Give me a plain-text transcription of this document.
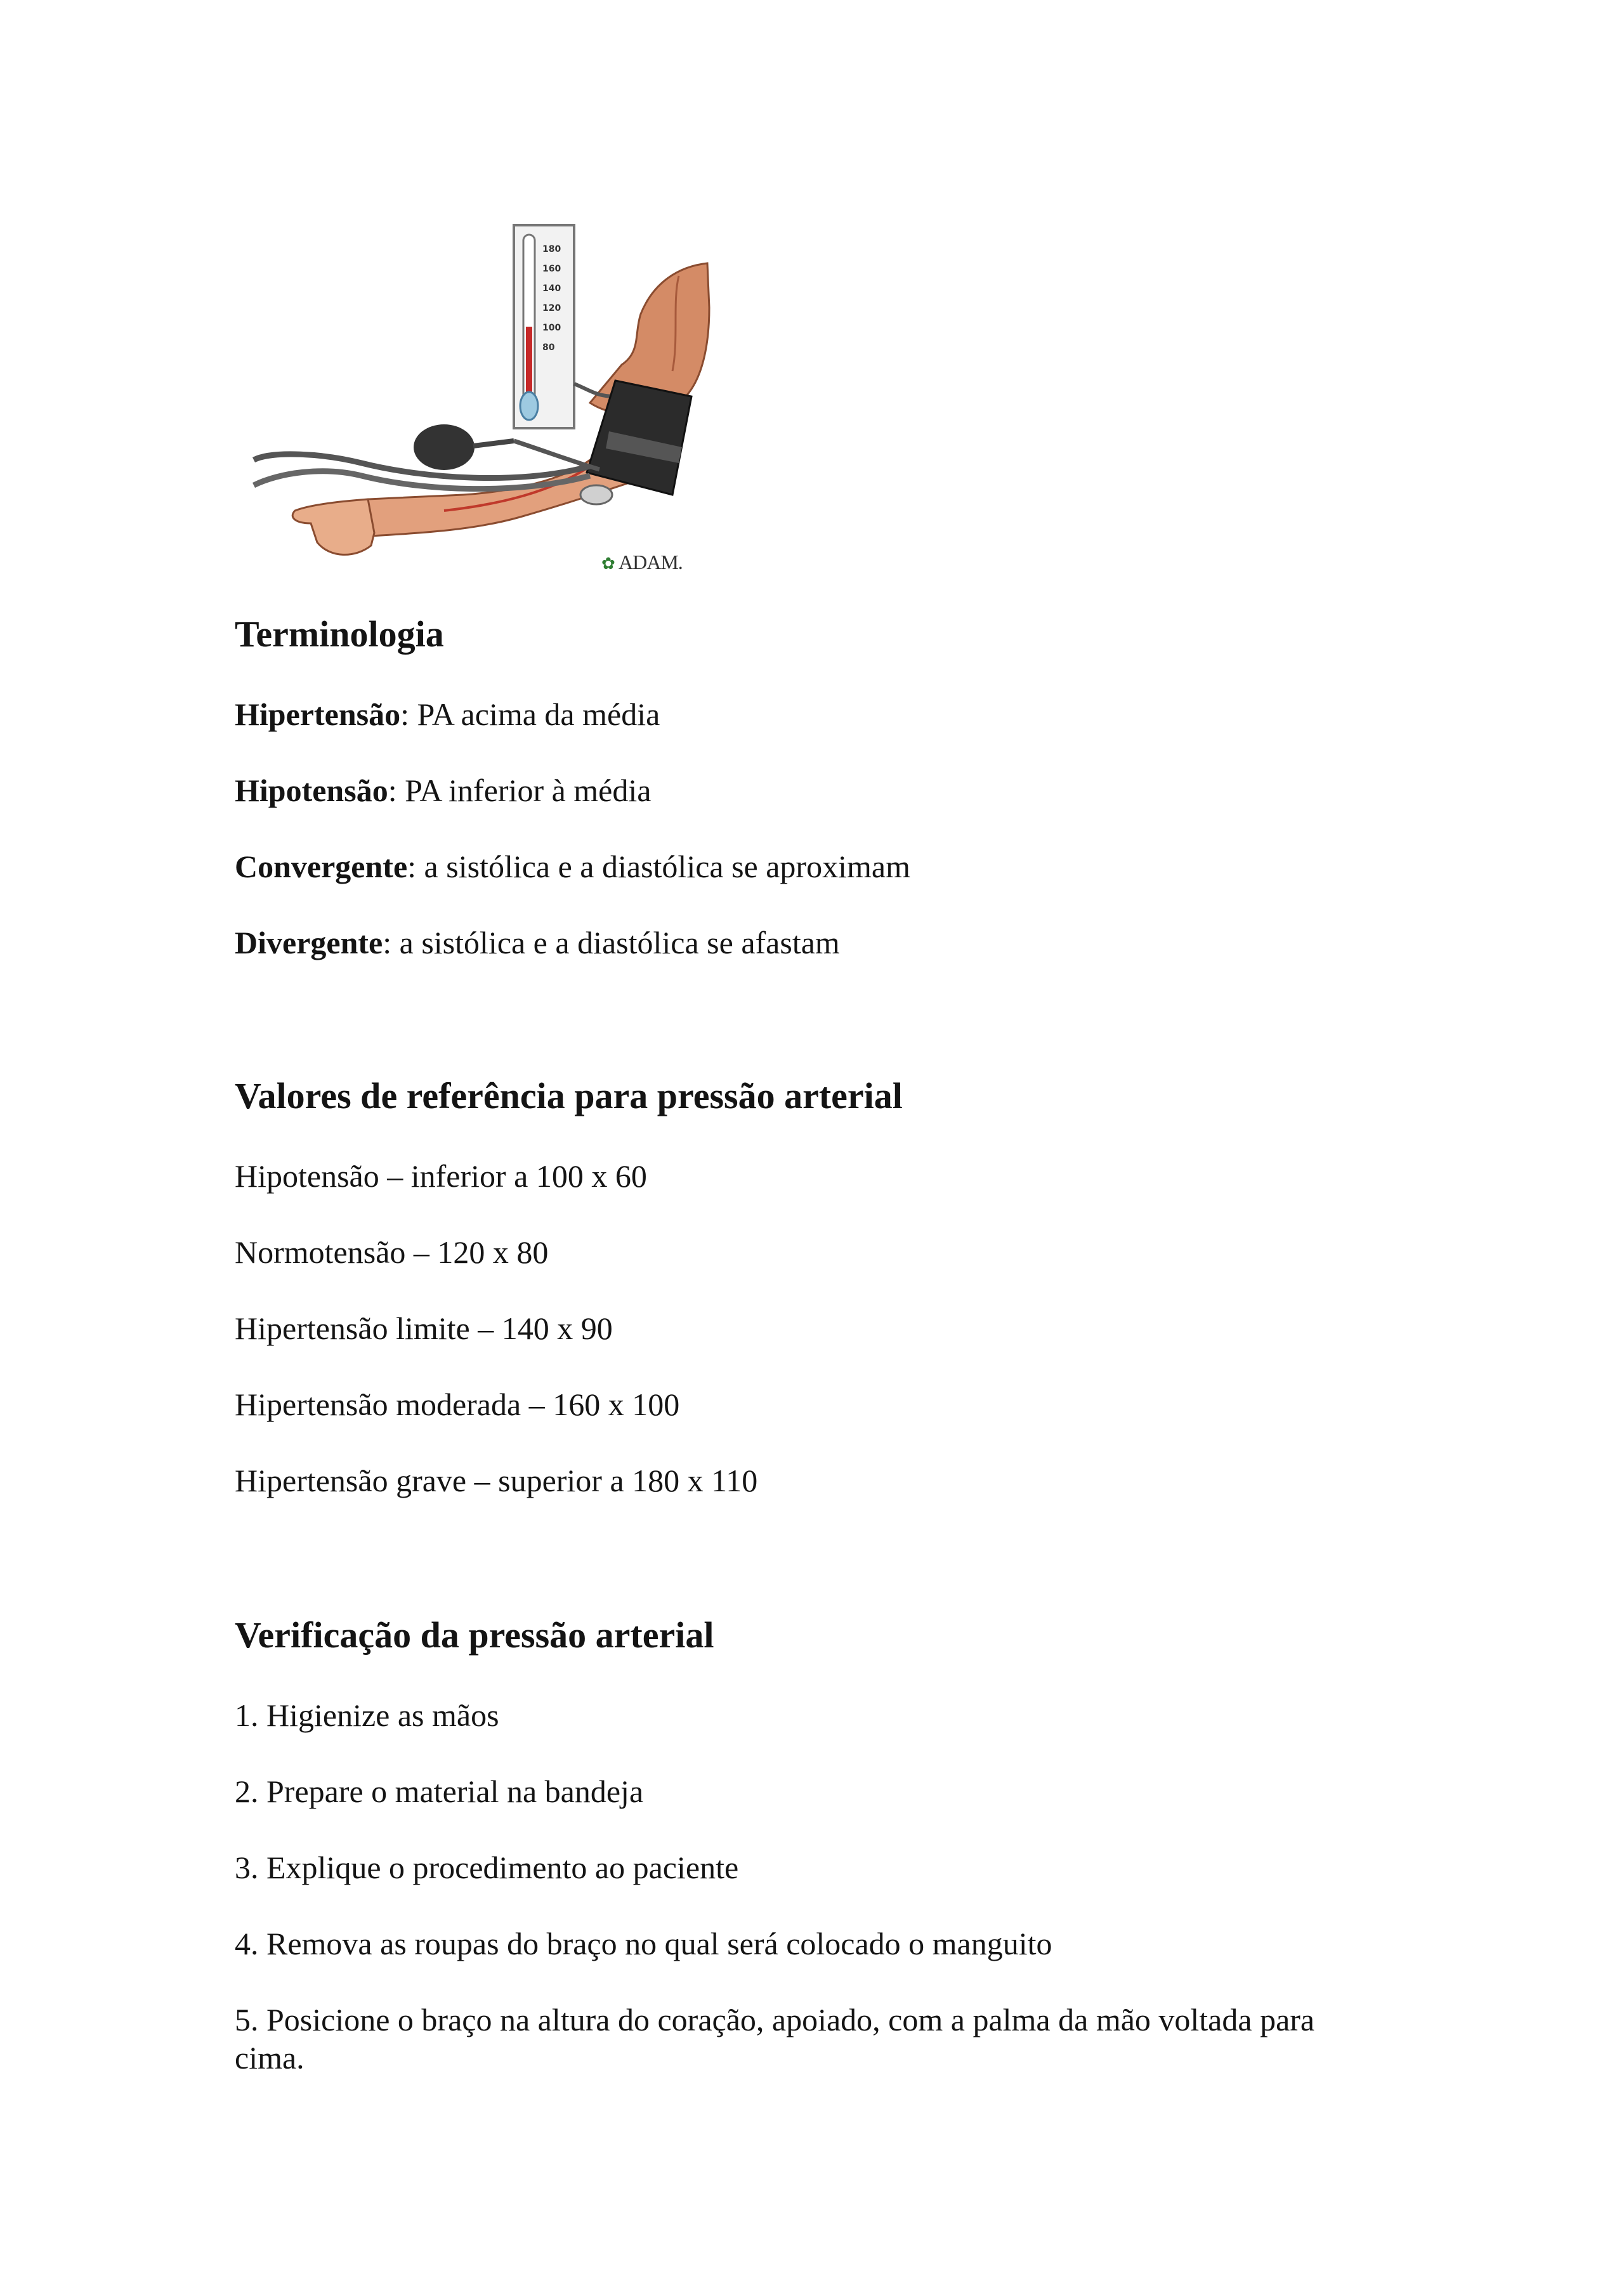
180
160
140
120
100
80
✿ ADAM.
Terminologia

Hipertensão: PA acima da média

Hipotensão: PA inferior à média

Convergente: a sistólica e a diastólica se aproximam

Divergente: a sistólica e a diastólica se afastam

Valores de referência para pressão arterial

Hipotensão – inferior a 100 x 60

Normotensão – 120 x 80

Hipertensão limite – 140 x 90

Hipertensão moderada – 160 x 100

Hipertensão grave – superior a 180 x 110

Verificação da pressão arterial

1. Higienize as mãos

2. Prepare o material na bandeja

3. Explique o procedimento ao paciente

4. Remova as roupas do braço no qual será colocado o manguito

5. Posicione o braço na altura do coração, apoiado, com a palma da mão voltada para cima.
